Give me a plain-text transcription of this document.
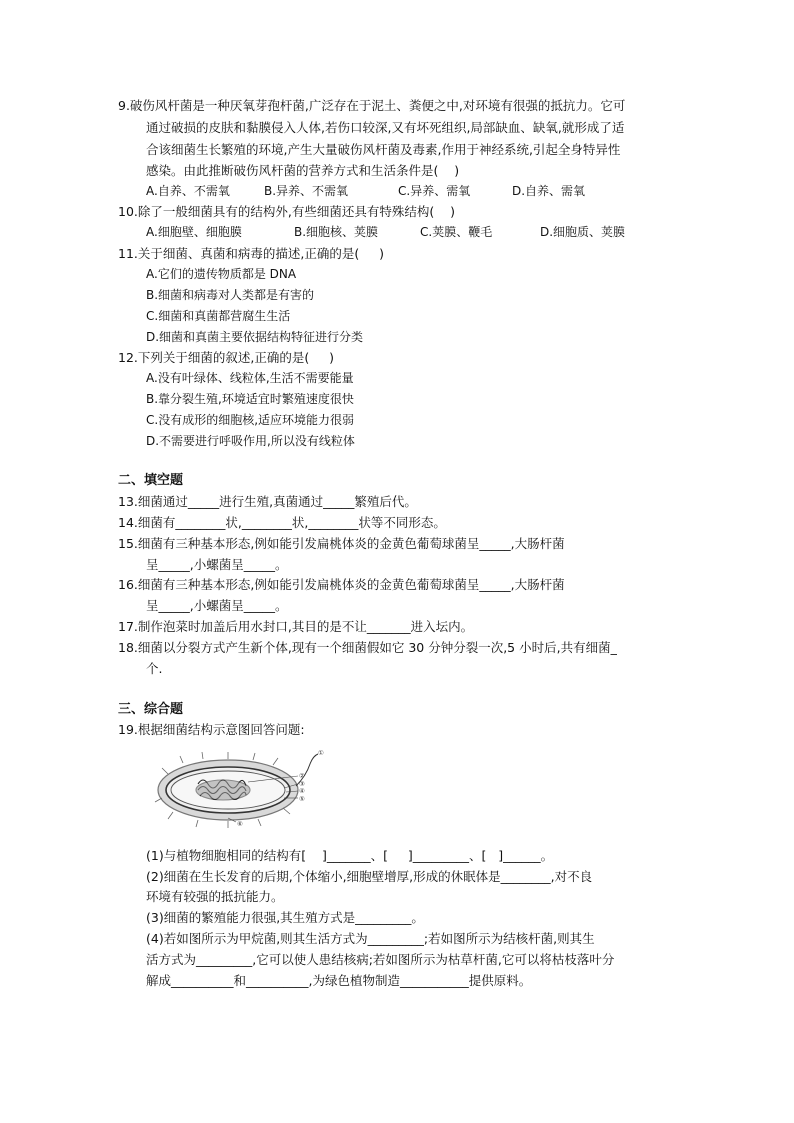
9.破伤风杆菌是一种厌氧芽孢杆菌,广泛存在于泥土、粪便之中,对环境有很强的抵抗力。它可
通过破损的皮肤和黏膜侵入人体,若伤口较深,又有坏死组织,局部缺血、缺氧,就形成了适
合该细菌生长繁殖的环境,产生大量破伤风杆菌及毒素,作用于神经系统,引起全身特异性
感染。由此推断破伤风杆菌的营养方式和生活条件是(    )
A.自养、不需氧	B.异养、不需氧	C.异养、需氧	D.自养、需氧
10.除了一般细菌具有的结构外,有些细菌还具有特殊结构(    )
A.细胞壁、细胞膜	B.细胞核、荚膜	C.荚膜、鞭毛	D.细胞质、荚膜
11.关于细菌、真菌和病毒的描述,正确的是(     )
A.它们的遗传物质都是 DNA
B.细菌和病毒对人类都是有害的
C.细菌和真菌都营腐生生活
D.细菌和真菌主要依据结构特征进行分类
12.下列关于细菌的叙述,正确的是(     )
A.没有叶绿体、线粒体,生活不需要能量
B.靠分裂生殖,环境适宜时繁殖速度很快
C.没有成形的细胞核,适应环境能力很弱
D.不需要进行呼吸作用,所以没有线粒体
二、填空题
13.细菌通过_____进行生殖,真菌通过_____繁殖后代。
14.细菌有________状,________状,________状等不同形态。
15.细菌有三种基本形态,例如能引发扁桃体炎的金黄色葡萄球菌呈_____,大肠杆菌
呈_____,小螺菌呈_____。
16.细菌有三种基本形态,例如能引发扁桃体炎的金黄色葡萄球菌呈_____,大肠杆菌
呈_____,小螺菌呈_____。
17.制作泡菜时加盖后用水封口,其目的是不让_______进入坛内。
18.细菌以分裂方式产生新个体,现有一个细菌假如它 30 分钟分裂一次,5 小时后,共有细菌_
个.
三、综合题
19.根据细菌结构示意图回答问题:
①
②
③
④
⑤
⑥
(1)与植物细胞相同的结构有[    ]_______、[     ]_________、[   ]______。
(2)细菌在生长发育的后期,个体缩小,细胞壁增厚,形成的休眠体是________,对不良
环境有较强的抵抗能力。
(3)细菌的繁殖能力很强,其生殖方式是_________。
(4)若如图所示为甲烷菌,则其生活方式为_________;若如图所示为结核杆菌,则其生
活方式为_________,它可以使人患结核病;若如图所示为枯草杆菌,它可以将枯枝落叶分
解成__________和__________,为绿色植物制造___________提供原料。
